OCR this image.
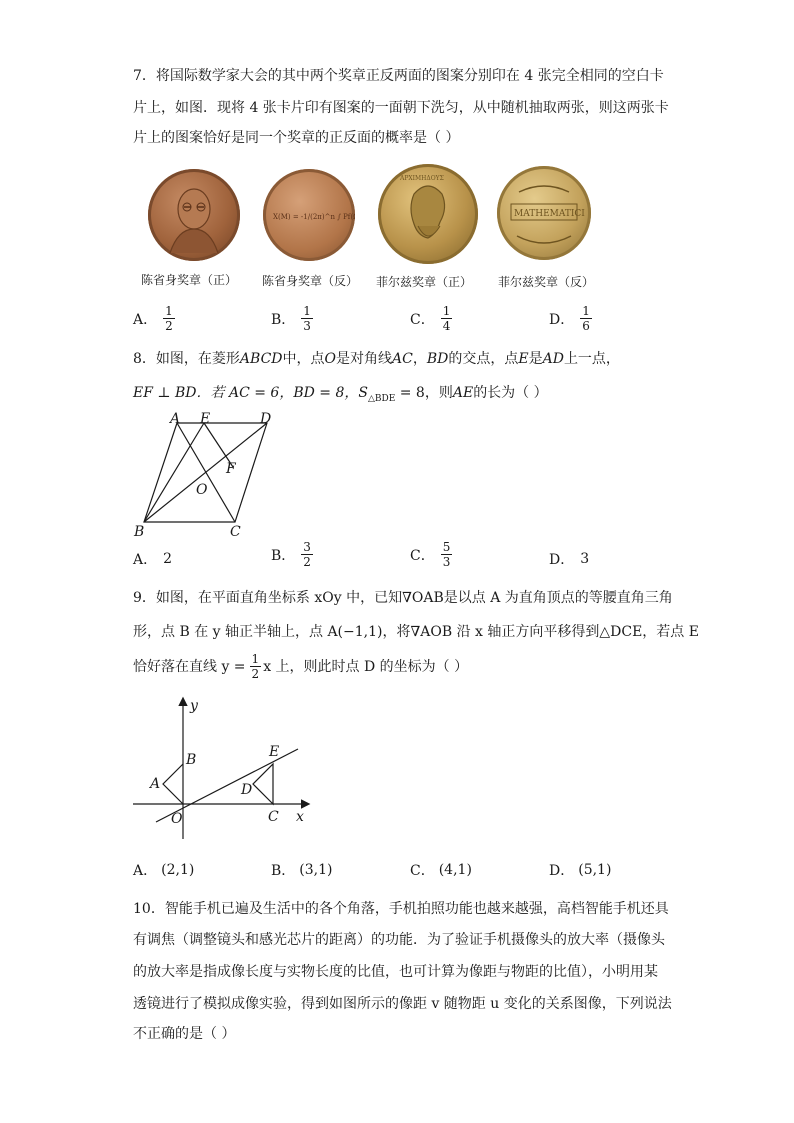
7．将国际数学家大会的其中两个奖章正反两面的图案分别印在 4 张完全相同的空白卡
片上，如图．现将 4 张卡片印有图案的一面朝下洗匀，从中随机抽取两张，则这两张卡
片上的图案恰好是同一个奖章的正反面的概率是（ ）
X(M) = -1/(2π)^n ∫ Pf(Ω)
ΑΡΧΙΜΗΔΟΥΣ
MATHEMATICI
陈省身奖章（正） 陈省身奖章（反） 菲尔兹奖章（正） 菲尔兹奖章（反）
A． $\frac{1}{2}$	B． $\frac{1}{3}$	C． $\frac{1}{4}$	D． $\frac{1}{6}$
8．如图，在菱形ABCD中，点O是对角线AC，BD的交点，点E是AD上一点，
EF ⊥ BD．若 AC = 6，BD = 8，$S_{\triangle BDE} = 8$，则AE的长为（ ）
A E	D
F
O
B	C
A． 2	B． $\frac{3}{2}$	C． $\frac{5}{3}$	D． 3
9．如图，在平面直角坐标系 xOy 中，已知∇OAB是以点 A 为直角顶点的等腰直角三角
形，点 B 在 y 轴正半轴上，点 A(−1,1)，将∇AOB 沿 x 轴正方向平移得到△DCE，若点 E
恰好落在直线 $y = \frac{1}{2}$ x 上，则此时点 D 的坐标为（ ）
y
x
B
A
O
E
D
C
A． (2,1)	B． (3,1)	C． (4,1)	D． (5,1)
10．智能手机已遍及生活中的各个角落，手机拍照功能也越来越强，高档智能手机还具
有调焦（调整镜头和感光芯片的距离）的功能．为了验证手机摄像头的放大率（摄像头
的放大率是指成像长度与实物长度的比值，也可计算为像距与物距的比值），小明用某
透镜进行了模拟成像实验，得到如图所示的像距 v 随物距 u 变化的关系图像，下列说法
不正确的是（ ）
